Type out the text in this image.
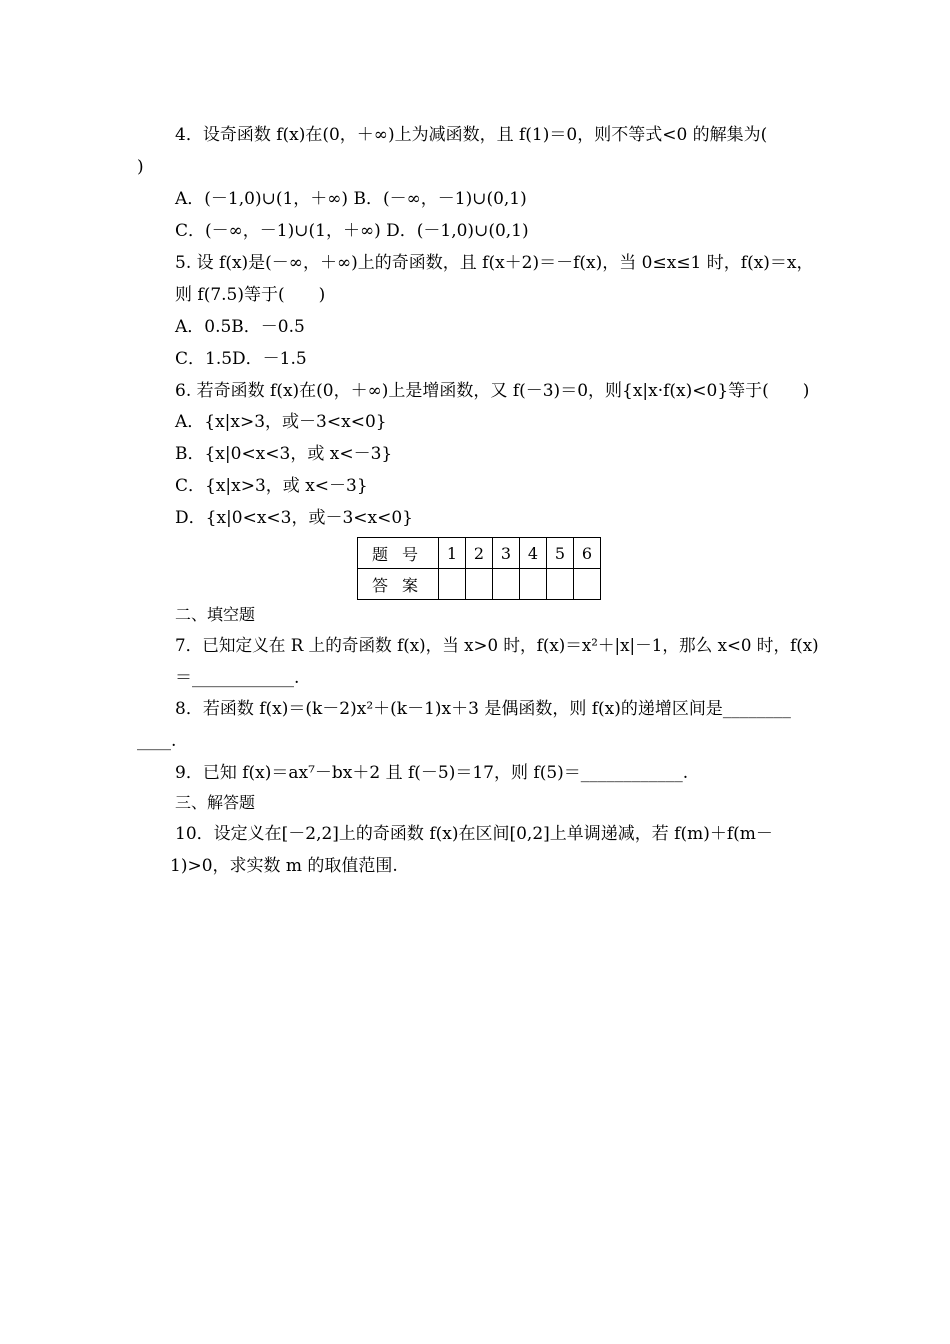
4．设奇函数 f(x)在(0，＋∞)上为减函数，且 f(1)＝0，则不等式<0 的解集为(
)
A．(－1,0)∪(1，＋∞) B．(－∞，－1)∪(0,1)
C．(－∞，－1)∪(1，＋∞) D．(－1,0)∪(0,1)
5. 设 f(x)是(－∞，＋∞)上的奇函数，且 f(x＋2)＝－f(x)，当 0≤x≤1 时，f(x)＝x，
则 f(7.5)等于(　　)
A．0.5B．－0.5
C．1.5D．－1.5
6. 若奇函数 f(x)在(0，＋∞)上是增函数，又 f(－3)＝0，则{x|x·f(x)<0}等于(　　)
A．{x|x>3，或－3<x<0}
B．{x|0<x<3，或 x<－3}
C．{x|x>3，或 x<－3}
D．{x|0<x<3，或－3<x<0}
题号	1	2	3	4	5	6
答案						
二、填空题
7．已知定义在 R 上的奇函数 f(x)，当 x>0 时，f(x)＝x²＋|x|－1，那么 x<0 时，f(x)
＝____________.
8．若函数 f(x)＝(k－2)x²＋(k－1)x＋3 是偶函数，则 f(x)的递增区间是________
____.
9．已知 f(x)＝ax⁷－bx＋2 且 f(－5)＝17，则 f(5)＝____________.
三、解答题
10．设定义在[－2,2]上的奇函数 f(x)在区间[0,2]上单调递减，若 f(m)＋f(m－
1)>0，求实数 m 的取值范围.
